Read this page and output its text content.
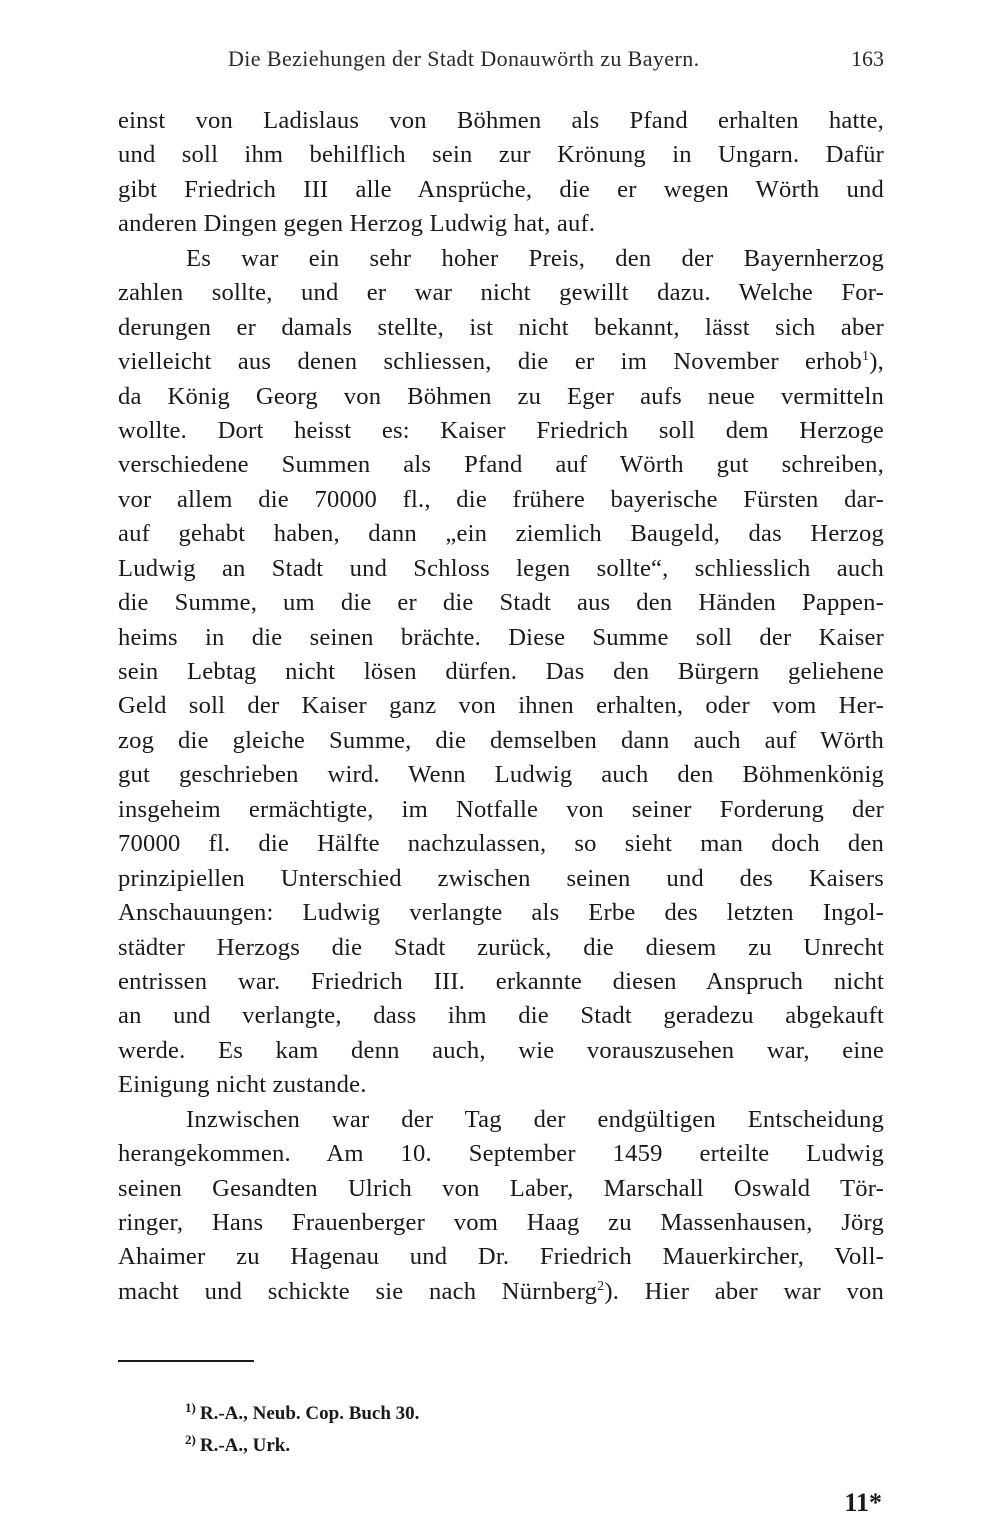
Die Beziehungen der Stadt Donauwörth zu Bayern.	163
einst von Ladislaus von Böhmen als Pfand erhalten hatte,
und soll ihm behilflich sein zur Krönung in Ungarn. Dafür
gibt Friedrich III alle Ansprüche, die er wegen Wörth und
anderen Dingen gegen Herzog Ludwig hat, auf.
Es war ein sehr hoher Preis, den der Bayernherzog
zahlen sollte, und er war nicht gewillt dazu. Welche For-
derungen er damals stellte, ist nicht bekannt, lässt sich aber
vielleicht aus denen schliessen, die er im November erhob$^1$),
da König Georg von Böhmen zu Eger aufs neue vermitteln
wollte. Dort heisst es: Kaiser Friedrich soll dem Herzoge
verschiedene Summen als Pfand auf Wörth gut schreiben,
vor allem die 70000 fl., die frühere bayerische Fürsten dar-
auf gehabt haben, dann „ein ziemlich Baugeld, das Herzog
Ludwig an Stadt und Schloss legen sollte“, schliesslich auch
die Summe, um die er die Stadt aus den Händen Pappen-
heims in die seinen brächte. Diese Summe soll der Kaiser
sein Lebtag nicht lösen dürfen. Das den Bürgern geliehene
Geld soll der Kaiser ganz von ihnen erhalten, oder vom Her-
zog die gleiche Summe, die demselben dann auch auf Wörth
gut geschrieben wird. Wenn Ludwig auch den Böhmenkönig
insgeheim ermächtigte, im Notfalle von seiner Forderung der
70000 fl. die Hälfte nachzulassen, so sieht man doch den
prinzipiellen Unterschied zwischen seinen und des Kaisers
Anschauungen: Ludwig verlangte als Erbe des letzten Ingol-
städter Herzogs die Stadt zurück, die diesem zu Unrecht
entrissen war. Friedrich III. erkannte diesen Anspruch nicht
an und verlangte, dass ihm die Stadt geradezu abgekauft
werde. Es kam denn auch, wie vorauszusehen war, eine
Einigung nicht zustande.
Inzwischen war der Tag der endgültigen Entscheidung
herangekommen. Am 10. September 1459 erteilte Ludwig
seinen Gesandten Ulrich von Laber, Marschall Oswald Tör-
ringer, Hans Frauenberger vom Haag zu Massenhausen, Jörg
Ahaimer zu Hagenau und Dr. Friedrich Mauerkircher, Voll-
macht und schickte sie nach Nürnberg$^2$). Hier aber war von
$^{1)}$ R.-A., Neub. Cop. Buch 30.
$^{2)}$ R.-A., Urk.
11*
